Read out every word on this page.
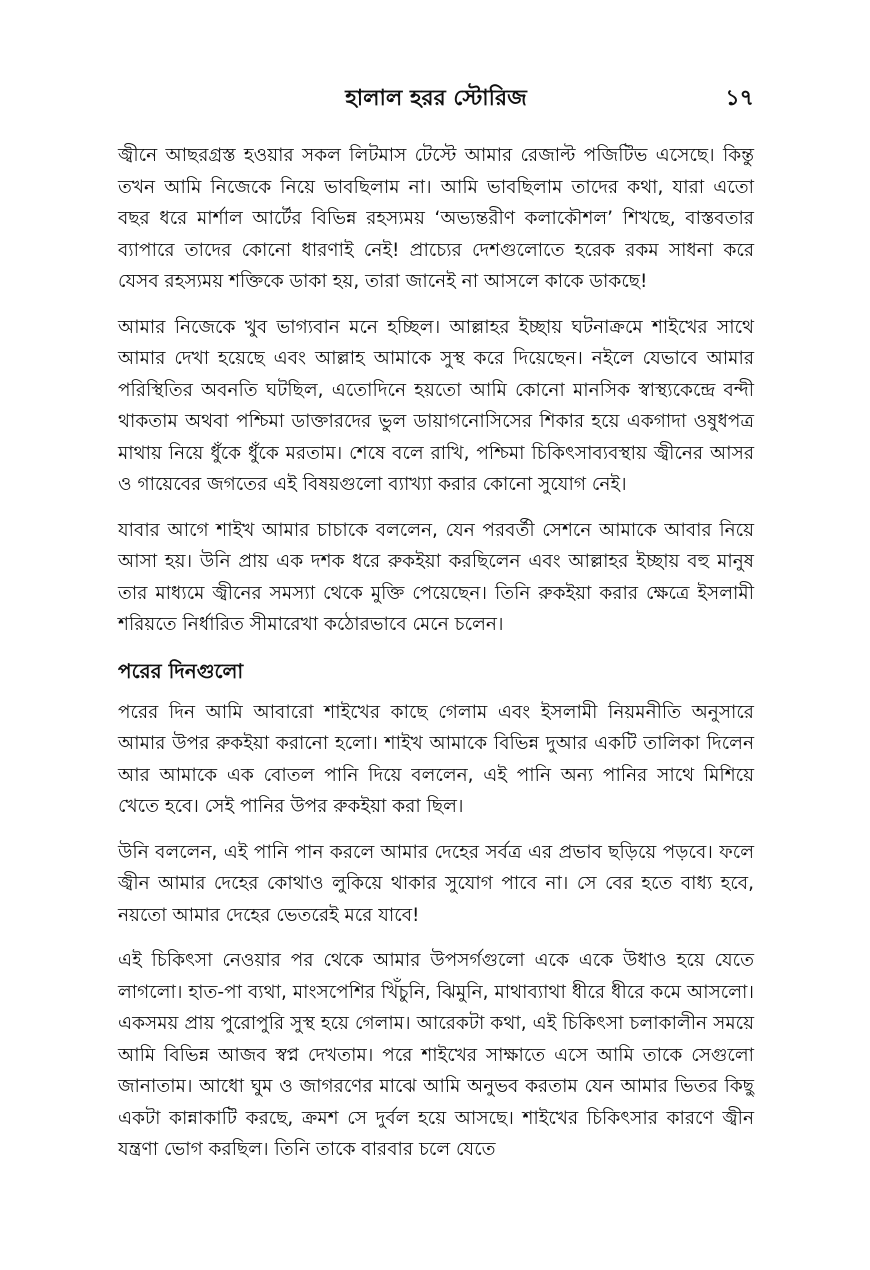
হালাল হরর স্টোরিজ	১৭

জ্বীনে আছরগ্রস্ত হওয়ার সকল লিটমাস টেস্টে আমার রেজাল্ট পজিটিভ এসেছে। কিন্তু তখন আমি নিজেকে নিয়ে ভাবছিলাম না। আমি ভাবছিলাম তাদের কথা, যারা এতো বছর ধরে মার্শাল আর্টের বিভিন্ন রহস্যময় ‘অভ্যন্তরীণ কলাকৌশল’ শিখছে, বাস্তবতার ব্যাপারে তাদের কোনো ধারণাই নেই! প্রাচ্যের দেশগুলোতে হরেক রকম সাধনা করে যেসব রহস্যময় শক্তিকে ডাকা হয়, তারা জানেই না আসলে কাকে ডাকছে!

আমার নিজেকে খুব ভাগ্যবান মনে হচ্ছিল। আল্লাহর ইচ্ছায় ঘটনাক্রমে শাইখের সাথে আমার দেখা হয়েছে এবং আল্লাহ আমাকে সুস্থ করে দিয়েছেন। নইলে যেভাবে আমার পরিস্থিতির অবনতি ঘটছিল, এতোদিনে হয়তো আমি কোনো মানসিক স্বাস্থ্যকেন্দ্রে বন্দী থাকতাম অথবা পশ্চিমা ডাক্তারদের ভুল ডায়াগনোসিসের শিকার হয়ে একগাদা ওষুধপত্র মাথায় নিয়ে ধুঁকে ধুঁকে মরতাম। শেষে বলে রাখি, পশ্চিমা চিকিৎসাব্যবস্থায় জ্বীনের আসর ও গায়েবের জগতের এই বিষয়গুলো ব্যাখ্যা করার কোনো সুযোগ নেই।

যাবার আগে শাইখ আমার চাচাকে বললেন, যেন পরবর্তী সেশনে আমাকে আবার নিয়ে আসা হয়। উনি প্রায় এক দশক ধরে রুকইয়া করছিলেন এবং আল্লাহর ইচ্ছায় বহু মানুষ তার মাধ্যমে জ্বীনের সমস্যা থেকে মুক্তি পেয়েছেন। তিনি রুকইয়া করার ক্ষেত্রে ইসলামী শরিয়তে নির্ধারিত সীমারেখা কঠোরভাবে মেনে চলেন।

পরের দিনগুলো

পরের দিন আমি আবারো শাইখের কাছে গেলাম এবং ইসলামী নিয়মনীতি অনুসারে আমার উপর রুকইয়া করানো হলো। শাইখ আমাকে বিভিন্ন দুআর একটি তালিকা দিলেন আর আমাকে এক বোতল পানি দিয়ে বললেন, এই পানি অন্য পানির সাথে মিশিয়ে খেতে হবে। সেই পানির উপর রুকইয়া করা ছিল।

উনি বললেন, এই পানি পান করলে আমার দেহের সর্বত্র এর প্রভাব ছড়িয়ে পড়বে। ফলে জ্বীন আমার দেহের কোথাও লুকিয়ে থাকার সুযোগ পাবে না। সে বের হতে বাধ্য হবে, নয়তো আমার দেহের ভেতরেই মরে যাবে!

এই চিকিৎসা নেওয়ার পর থেকে আমার উপসর্গগুলো একে একে উধাও হয়ে যেতে লাগলো। হাত-পা ব্যথা, মাংসপেশির খিঁচুনি, ঝিমুনি, মাথাব্যাথা ধীরে ধীরে কমে আসলো। একসময় প্রায় পুরোপুরি সুস্থ হয়ে গেলাম। আরেকটা কথা, এই চিকিৎসা চলাকালীন সময়ে আমি বিভিন্ন আজব স্বপ্ন দেখতাম। পরে শাইখের সাক্ষাতে এসে আমি তাকে সেগুলো জানাতাম। আধো ঘুম ও জাগরণের মাঝে আমি অনুভব করতাম যেন আমার ভিতর কিছু একটা কান্নাকাটি করছে, ক্রমশ সে দুর্বল হয়ে আসছে। শাইখের চিকিৎসার কারণে জ্বীন যন্ত্রণা ভোগ করছিল। তিনি তাকে বারবার চলে যেতে
